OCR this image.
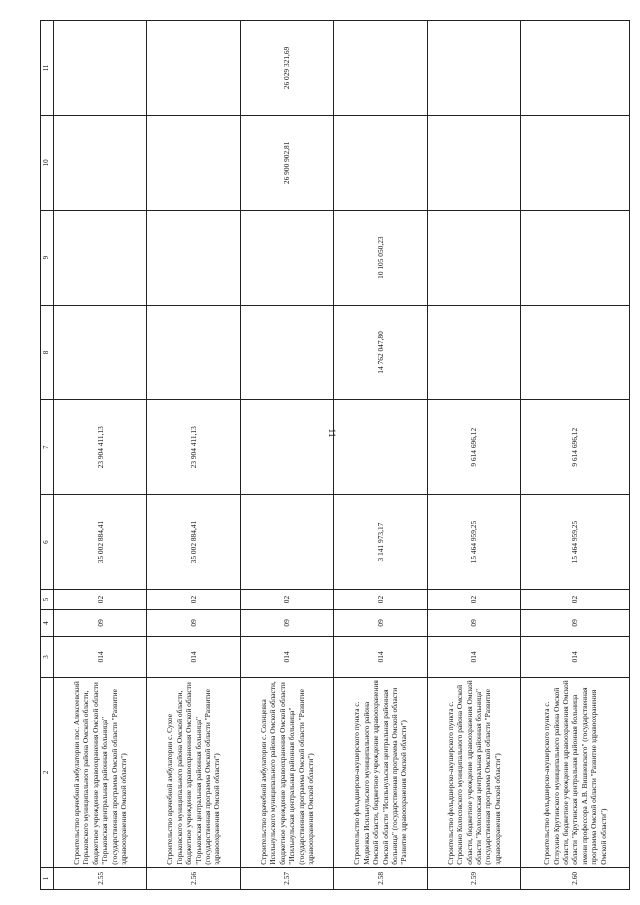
11
1	2	3	4	5	6	7	8	9	10	11
2.55	Строительство врачебной амбулатории пос. Алексеевский Горьковского муниципального района Омской области, бюджетное учреждение здравоохранения Омской области "Горьковская центральная районная больница" (государственная программа Омской области "Развитие здравоохранения Омской области")	014	09	02	35 002 884,41	23 904 411,13				
2.56	Строительство врачебной амбулатории с. Сухое Горьковского муниципального района Омской области, бюджетное учреждение здравоохранения Омской области "Горьковская центральная районная больница" (государственная программа Омской области "Развитие здравоохранения Омской области")	014	09	02	35 002 884,41	23 904 411,13				
2.57	Строительство врачебной амбулатории с. Солнцевка Исильнульского муниципального района Омской области, бюджетное учреждение здравоохранения Омской области "Исильнульская центральная районная больница" (государственная программа Омской области "Развитие здравоохранения Омской области")	014	09	02					26 900 902,81	26 029 321,69
2.58	Строительство фельдшерско-акушерского пункта с. Медвежка Исильнульского муниципального района Омской области, бюджетное учреждение здравоохранения Омской области "Исильнульская центральная районная больница" (государственная программа Омской области "Развитие здравоохранения Омской области")	014	09	02	3 141 973,17		14 762 047,80	10 105 050,23		
2.59	Строительство фельдшерско-акушерского пункта с. Строкино Колосовского муниципального района Омской области, бюджетное учреждение здравоохранения Омской области "Колосовская центральная районная больница" (государственная программа Омской области "Развитие здравоохранения Омской области")	014	09	02	15 464 959,25	9 614 696,12				
2.60	Строительство фельдшерско-акушерского пункта с. Оглухино Крутинского муниципального района Омской области, бюджетное учреждение здравоохранения Омской области "Крутинская центральная районная больница имени профессора А.В. Вишневского" (государственная программа Омской области "Развитие здравоохранения Омской области")	014	09	02	15 464 959,25	9 614 696,12				
